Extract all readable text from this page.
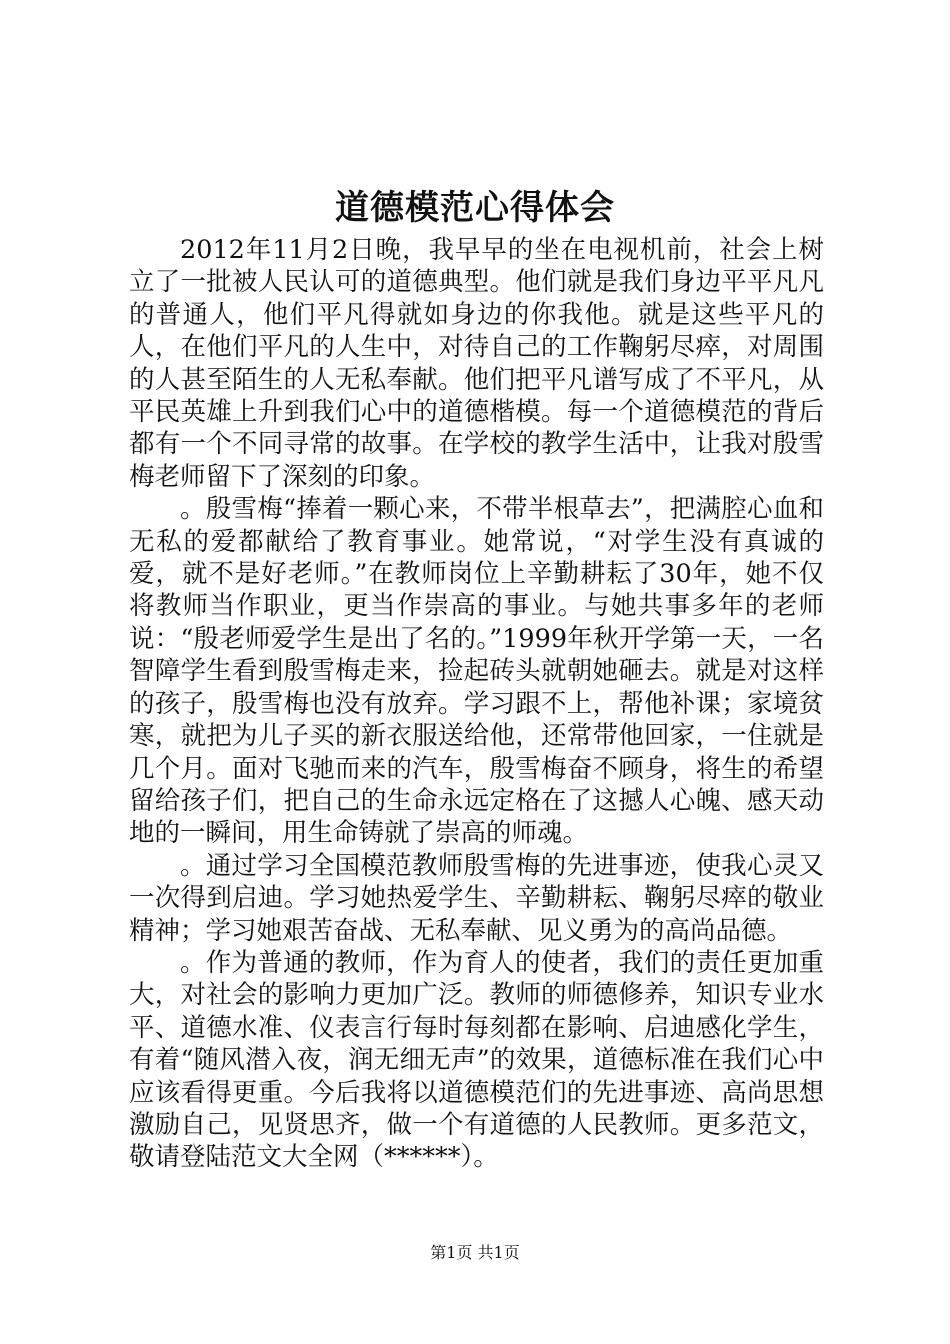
道德模范心得体会

2012年11月2日晚，我早早的坐在电视机前，社会上树立了一批被人民认可的道德典型。他们就是我们身边平平凡凡的普通人，他们平凡得就如身边的你我他。就是这些平凡的人，在他们平凡的人生中，对待自己的工作鞠躬尽瘁，对周围的人甚至陌生的人无私奉献。他们把平凡谱写成了不平凡，从平民英雄上升到我们心中的道德楷模。每一个道德模范的背后都有一个不同寻常的故事。在学校的教学生活中，让我对殷雪梅老师留下了深刻的印象。

。殷雪梅“捧着一颗心来，不带半根草去”，把满腔心血和无私的爱都献给了教育事业。她常说，“对学生没有真诚的爱，就不是好老师。”在教师岗位上辛勤耕耘了30年，她不仅将教师当作职业，更当作崇高的事业。与她共事多年的老师说：“殷老师爱学生是出了名的。”1999年秋开学第一天，一名智障学生看到殷雪梅走来，捡起砖头就朝她砸去。就是对这样的孩子，殷雪梅也没有放弃。学习跟不上，帮他补课；家境贫寒，就把为儿子买的新衣服送给他，还常带他回家，一住就是几个月。面对飞驰而来的汽车，殷雪梅奋不顾身，将生的希望留给孩子们，把自己的生命永远定格在了这撼人心魄、感天动地的一瞬间，用生命铸就了崇高的师魂。

。通过学习全国模范教师殷雪梅的先进事迹，使我心灵又一次得到启迪。学习她热爱学生、辛勤耕耘、鞠躬尽瘁的敬业精神；学习她艰苦奋战、无私奉献、见义勇为的高尚品德。

。作为普通的教师，作为育人的使者，我们的责任更加重大，对社会的影响力更加广泛。教师的师德修养，知识专业水平、道德水准、仪表言行每时每刻都在影响、启迪感化学生，有着“随风潜入夜，润无细无声”的效果，道德标准在我们心中应该看得更重。今后我将以道德模范们的先进事迹、高尚思想激励自己，见贤思齐，做一个有道德的人民教师。更多范文，敬请登陆范文大全网（******）。

第1页 共1页
